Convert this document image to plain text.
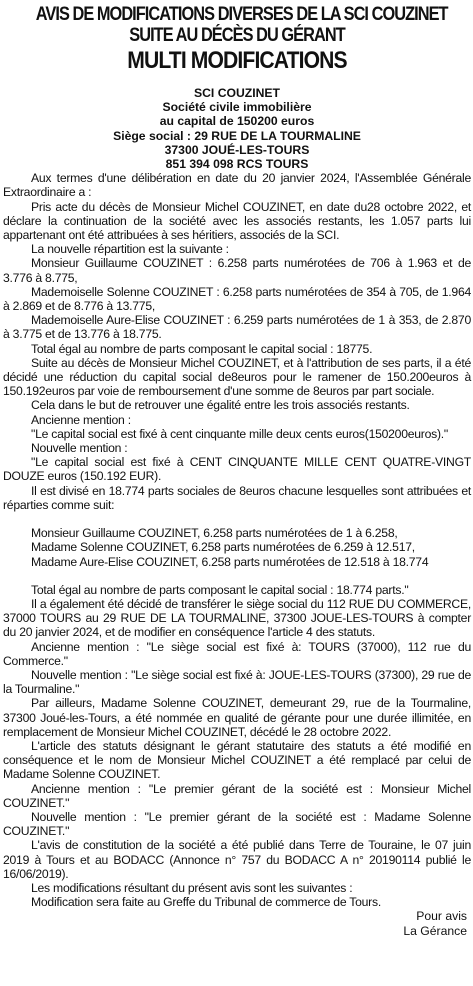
AVIS DE MODIFICATIONS DIVERSES DE LA SCI COUZINET
SUITE AU DÉCÈS DU GÉRANT
MULTI MODIFICATIONS
SCI COUZINET
Société civile immobilière
au capital de 150200 euros
Siège social : 29 RUE DE LA TOURMALINE
37300 JOUÉ-LES-TOURS
851 394 098 RCS TOURS
Aux termes d'une délibération en date du 20 janvier 2024, l'Assemblée Générale Extraordinaire a :
Pris acte du décès de Monsieur Michel COUZINET, en date du28 octobre 2022, et déclare la continuation de la société avec les associés restants, les 1.057 parts lui appartenant ont été attribuées à ses héritiers, associés de la SCI.
La nouvelle répartition est la suivante :
Monsieur Guillaume COUZINET : 6.258 parts numérotées de 706 à 1.963 et de 3.776 à 8.775,
Mademoiselle Solenne COUZINET : 6.258 parts numérotées de 354 à 705, de 1.964 à 2.869 et de 8.776 à 13.775,
Mademoiselle Aure-Elise COUZINET : 6.259 parts numérotées de 1 à 353, de 2.870 à 3.775 et de 13.776 à 18.775.
Total égal au nombre de parts composant le capital social : 18775.
Suite au décès de Monsieur Michel COUZINET, et à l'attribution de ses parts, il a été décidé une réduction du capital social de8euros pour le ramener de 150.200euros à 150.192euros par voie de remboursement d'une somme de 8euros par part sociale.
Cela dans le but de retrouver une égalité entre les trois associés restants.
Ancienne mention :
"Le capital social est fixé à cent cinquante mille deux cents euros(150200euros)."
Nouvelle mention :
"Le capital social est fixé à CENT CINQUANTE MILLE CENT QUATRE-VINGT DOUZE euros (150.192 EUR).
Il est divisé en 18.774 parts sociales de 8euros chacune lesquelles sont attribuées et réparties comme suit:
Monsieur Guillaume COUZINET, 6.258 parts numérotées de 1 à 6.258,
Madame Solenne COUZINET, 6.258 parts numérotées de 6.259 à 12.517,
Madame Aure-Elise COUZINET, 6.258 parts numérotées de 12.518 à 18.774
Total égal au nombre de parts composant le capital social : 18.774 parts."
Il a également été décidé de transférer le siège social du 112 RUE DU COMMERCE, 37000 TOURS au 29 RUE DE LA TOURMALINE, 37300 JOUE-LES-TOURS à compter du 20 janvier 2024, et de modifier en conséquence l'article 4 des statuts.
Ancienne mention : "Le siège social est fixé à: TOURS (37000), 112 rue du Commerce."
Nouvelle mention : "Le siège social est fixé à: JOUE-LES-TOURS (37300), 29 rue de la Tourmaline."
Par ailleurs, Madame Solenne COUZINET, demeurant 29, rue de la Tourmaline, 37300 Joué-les-Tours, a été nommée en qualité de gérante pour une durée illimitée, en remplacement de Monsieur Michel COUZINET, décédé le 28 octobre 2022.
L'article des statuts désignant le gérant statutaire des statuts a été modifié en conséquence et le nom de Monsieur Michel COUZINET a été remplacé par celui de Madame Solenne COUZINET.
Ancienne mention : "Le premier gérant de la société est : Monsieur Michel COUZINET."
Nouvelle mention : "Le premier gérant de la société est : Madame Solenne COUZINET."
L'avis de constitution de la société a été publié dans Terre de Touraine, le 07 juin 2019 à Tours et au BODACC (Annonce n° 757 du BODACC A n° 20190114 publié le 16/06/2019).
Les modifications résultant du présent avis sont les suivantes :
Modification sera faite au Greffe du Tribunal de commerce de Tours.
Pour avis
La Gérance
